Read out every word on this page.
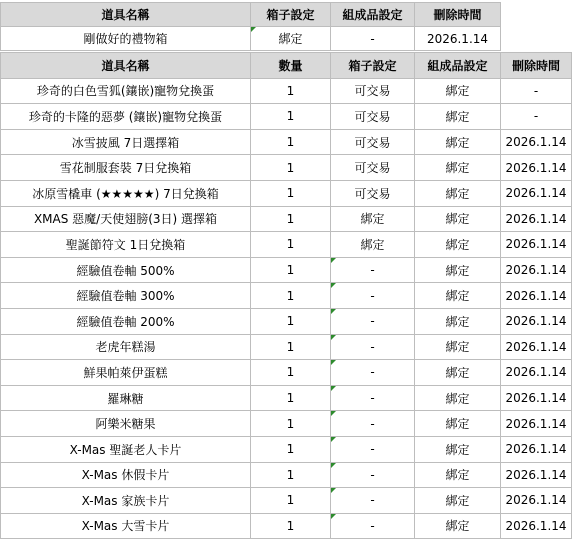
道具名稱	箱子設定	組成品設定	刪除時間
剛做好的禮物箱	綁定	-	2026.1.14
道具名稱	數量	箱子設定	組成品設定	刪除時間
珍奇的白色雪狐(鑲嵌)寵物兌換蛋	1	可交易	綁定	-
珍奇的卡隆的惡夢 (鑲嵌)寵物兌換蛋	1	可交易	綁定	-
冰雪披風 7日選擇箱	1	可交易	綁定	2026.1.14
雪花制服套裝 7日兌換箱	1	可交易	綁定	2026.1.14
冰原雪橇車 (★★★★★) 7日兌換箱	1	可交易	綁定	2026.1.14
XMAS 惡魔/天使翅膀(3日) 選擇箱	1	綁定	綁定	2026.1.14
聖誕節符文 1日兌換箱	1	綁定	綁定	2026.1.14
經驗值卷軸 500%	1	-	綁定	2026.1.14
經驗值卷軸 300%	1	-	綁定	2026.1.14
經驗值卷軸 200%	1	-	綁定	2026.1.14
老虎年糕湯	1	-	綁定	2026.1.14
鮮果帕萊伊蛋糕	1	-	綁定	2026.1.14
羅琳糖	1	-	綁定	2026.1.14
阿樂米糖果	1	-	綁定	2026.1.14
X-Mas 聖誕老人卡片	1	-	綁定	2026.1.14
X-Mas 休假卡片	1	-	綁定	2026.1.14
X-Mas 家族卡片	1	-	綁定	2026.1.14
X-Mas 大雪卡片	1	-	綁定	2026.1.14
